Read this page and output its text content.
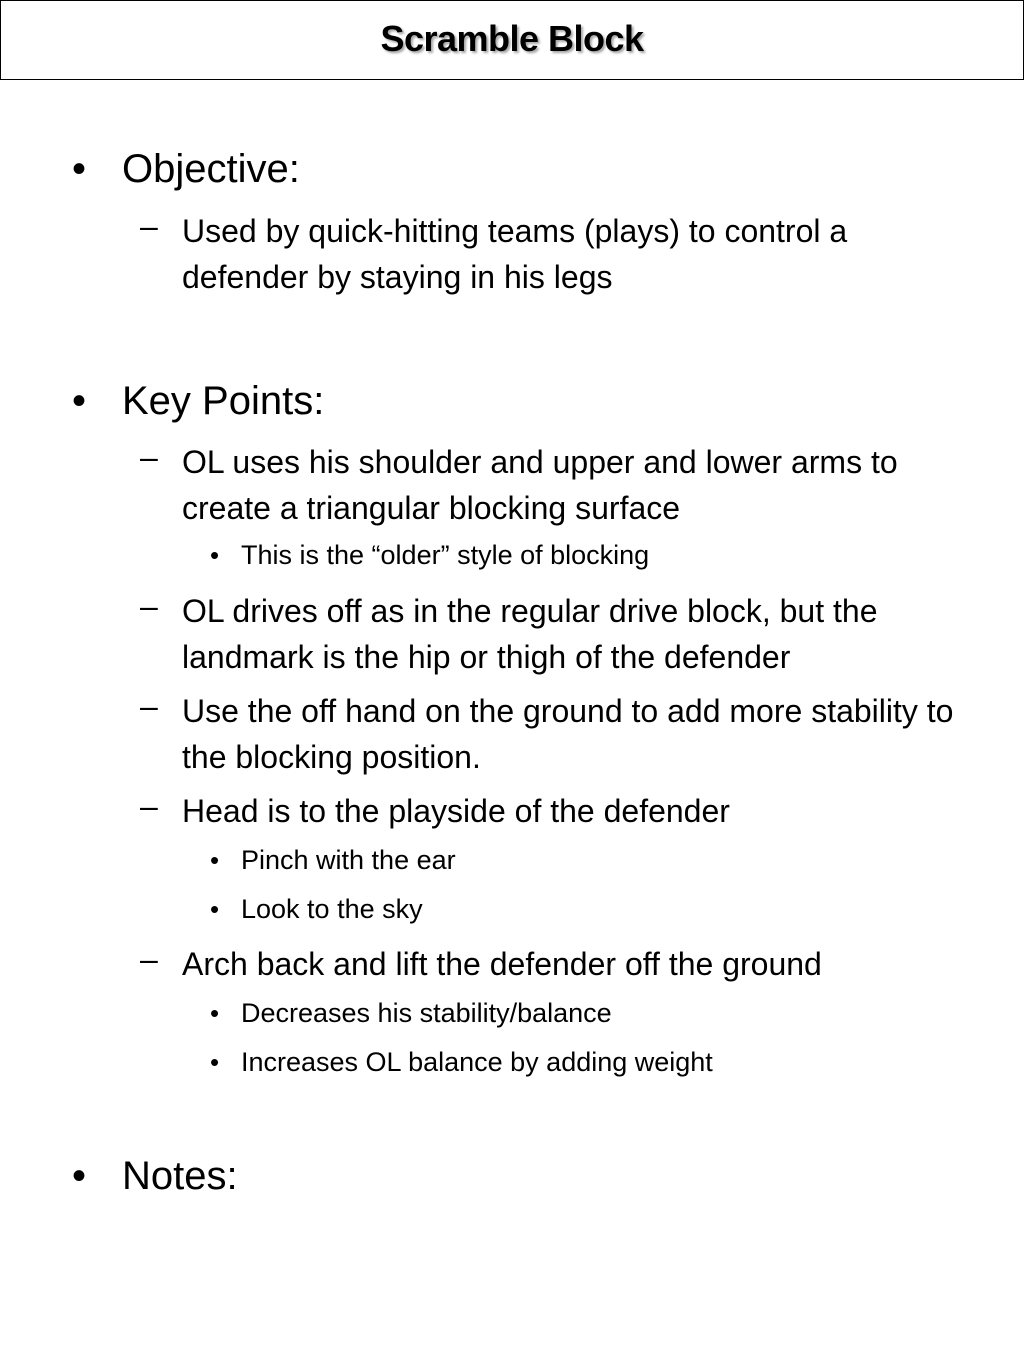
Scramble Block
• Objective:
– Used by quick-hitting teams (plays) to control a defender by staying in his legs
• Key Points:
– OL uses his shoulder and upper and lower arms to create a triangular blocking surface
• This is the “older” style of blocking
– OL drives off as in the regular drive block, but the landmark is the hip or thigh of the defender
– Use the off hand on the ground to add more stability to the blocking position.
– Head is to the playside of the defender
• Pinch with the ear
• Look to the sky
– Arch back and lift the defender off the ground
• Decreases his stability/balance
• Increases OL balance by adding weight
• Notes:
